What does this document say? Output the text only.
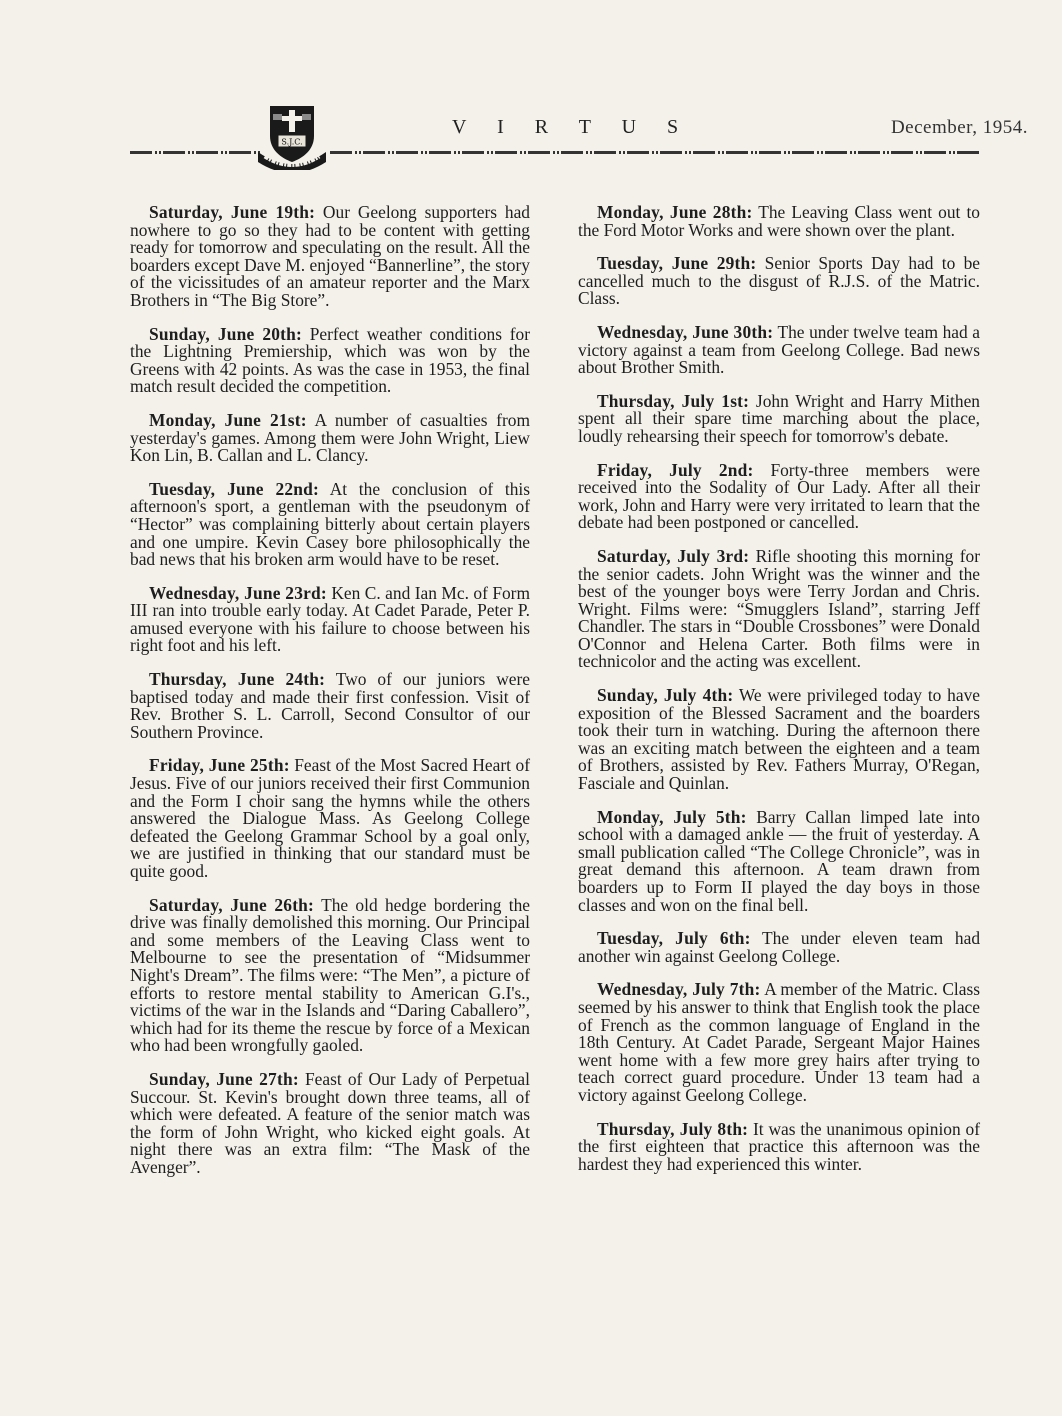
S.J.C.
V I R T U S	December, 1954.

Saturday, June 19th: Our Geelong supporters had nowhere to go so they had to be content with getting ready for tomorrow and speculating on the result. All the boarders except Dave M. enjoyed “Bannerline”, the story of the vicissitudes of an amateur reporter and the Marx Brothers in “The Big Store”.

Sunday, June 20th: Perfect weather conditions for the Lightning Premiership, which was won by the Greens with 42 points. As was the case in 1953, the final match result decided the competition.

Monday, June 21st: A number of casualties from yesterday's games. Among them were John Wright, Liew Kon Lin, B. Callan and L. Clancy.

Tuesday, June 22nd: At the conclusion of this afternoon's sport, a gentleman with the pseudonym of “Hector” was complaining bitterly about certain players and one umpire. Kevin Casey bore philosophically the bad news that his broken arm would have to be reset.

Wednesday, June 23rd: Ken C. and Ian Mc. of Form III ran into trouble early today. At Cadet Parade, Peter P. amused everyone with his failure to choose between his right foot and his left.

Thursday, June 24th: Two of our juniors were baptised today and made their first confession. Visit of Rev. Brother S. L. Carroll, Second Consultor of our Southern Province.

Friday, June 25th: Feast of the Most Sacred Heart of Jesus. Five of our juniors received their first Communion and the Form I choir sang the hymns while the others answered the Dialogue Mass. As Geelong College defeated the Geelong Grammar School by a goal only, we are justified in thinking that our standard must be quite good.

Saturday, June 26th: The old hedge bordering the drive was finally demolished this morning. Our Principal and some members of the Leaving Class went to Melbourne to see the presentation of “Midsummer Night's Dream”. The films were: “The Men”, a picture of efforts to restore mental stability to American G.I's., victims of the war in the Islands and “Daring Caballero”, which had for its theme the rescue by force of a Mexican who had been wrongfully gaoled.

Sunday, June 27th: Feast of Our Lady of Perpetual Succour. St. Kevin's brought down three teams, all of which were defeated. A feature of the senior match was the form of John Wright, who kicked eight goals. At night there was an extra film: “The Mask of the Avenger”.

Monday, June 28th: The Leaving Class went out to the Ford Motor Works and were shown over the plant.

Tuesday, June 29th: Senior Sports Day had to be cancelled much to the disgust of R.J.S. of the Matric. Class.

Wednesday, June 30th: The under twelve team had a victory against a team from Geelong College. Bad news about Brother Smith.

Thursday, July 1st: John Wright and Harry Mithen spent all their spare time marching about the place, loudly rehearsing their speech for tomorrow's debate.

Friday, July 2nd: Forty-three members were received into the Sodality of Our Lady. After all their work, John and Harry were very irritated to learn that the debate had been postponed or cancelled.

Saturday, July 3rd: Rifle shooting this morning for the senior cadets. John Wright was the winner and the best of the younger boys were Terry Jordan and Chris. Wright. Films were: “Smugglers Island”, starring Jeff Chandler. The stars in “Double Crossbones” were Donald O'Connor and Helena Carter. Both films were in technicolor and the acting was excellent.

Sunday, July 4th: We were privileged today to have exposition of the Blessed Sacrament and the boarders took their turn in watching. During the afternoon there was an exciting match between the eighteen and a team of Brothers, assisted by Rev. Fathers Murray, O'Regan, Fasciale and Quinlan.

Monday, July 5th: Barry Callan limped late into school with a damaged ankle — the fruit of yesterday. A small publication called “The College Chronicle”, was in great demand this afternoon. A team drawn from boarders up to Form II played the day boys in those classes and won on the final bell.

Tuesday, July 6th: The under eleven team had another win against Geelong College.

Wednesday, July 7th: A member of the Matric. Class seemed by his answer to think that English took the place of French as the common language of England in the 18th Century. At Cadet Parade, Sergeant Major Haines went home with a few more grey hairs after trying to teach correct guard procedure. Under 13 team had a victory against Geelong College.

Thursday, July 8th: It was the unanimous opinion of the first eighteen that practice this afternoon was the hardest they had experienced this winter.
